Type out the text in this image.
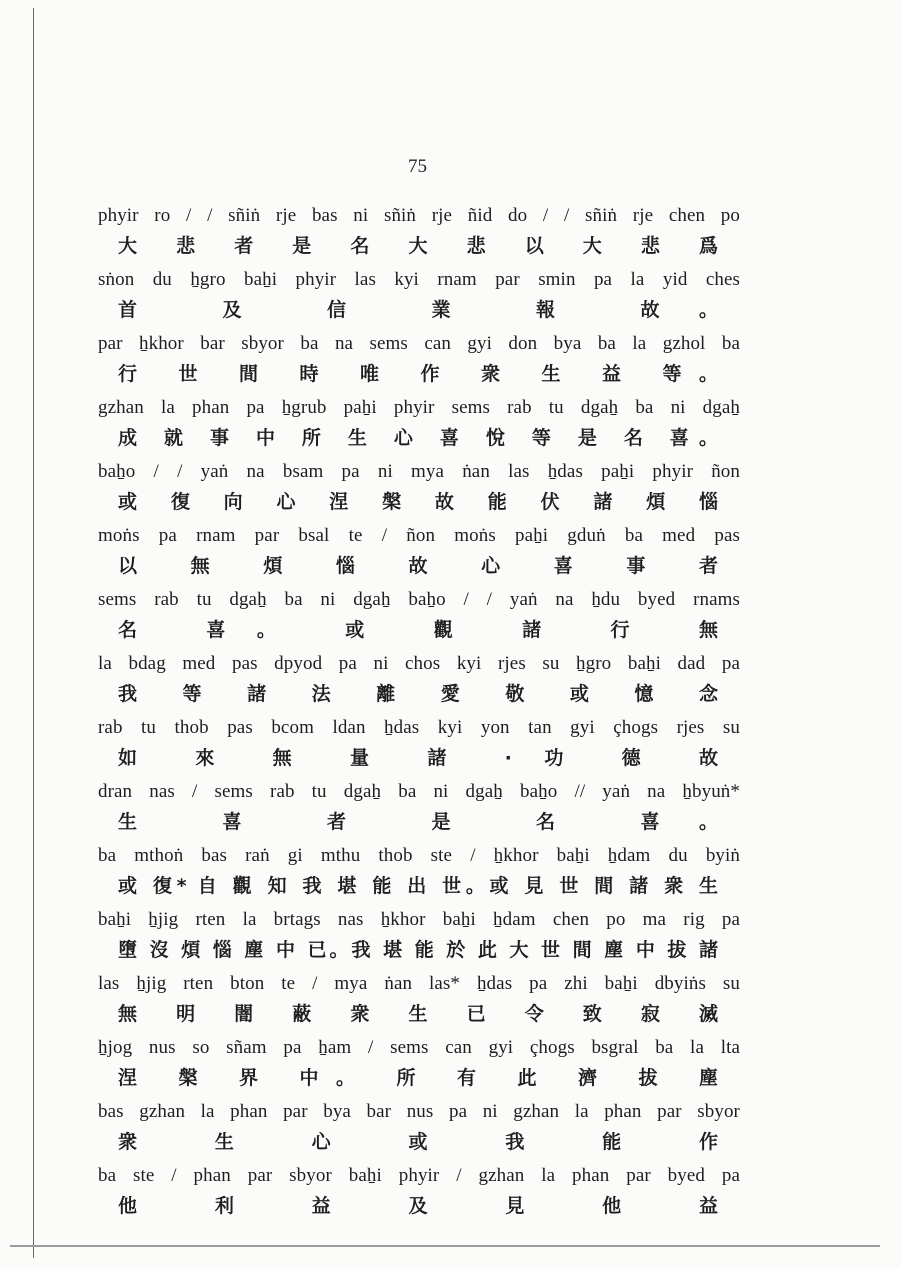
75
phyir ro / / sñiṅ rje bas ni sñiṅ rje ñid do / / sñiṅ rje chen po
大 悲 者 是 名 大 悲 以 大 悲 爲
sṅon du ẖgro baẖi phyir las kyi rnam par smin pa la yid ches
首 及 信 業 報 故。
par ẖkhor bar sbyor ba na sems can gyi don bya ba la gzhol ba
行 世 間 時 唯 作 衆 生 益 等。
gzhan la phan pa ẖgrub paẖi phyir sems rab tu dgaẖ ba ni dgaẖ
成 就 事 中 所 生 心 喜 悅 等 是 名 喜。
baẖo / / yaṅ na bsam pa ni mya ṅan las ẖdas paẖi phyir ñon
或 復 向 心 涅 槃 故 能 伏 諸 煩 惱
moṅs pa rnam par bsal te / ñon moṅs paẖi gduṅ ba med pas
以 無 煩 惱 故 心 喜 事 者
sems rab tu dgaẖ ba ni dgaẖ baẖo / / yaṅ na ẖdu byed rnams
名 喜。 或 觀 諸 行 無
la bdag med pas dpyod pa ni chos kyi rjes su ẖgro baẖi dad pa
我 等 諸 法 離 愛 敬 或 憶 念
rab tu thob pas bcom ldan ẖdas kyi yon tan gyi çhogs rjes su
如 來 無 量 諸 · 功 德 故
dran nas / sems rab tu dgaẖ ba ni dgaẖ baẖo // yaṅ na ẖbyuṅ*
生 喜 者 是 名 喜。
ba mthoṅ bas raṅ gi mthu thob ste / ẖkhor baẖi ẖdam du byiṅ
或 復* 自 觀 知 我 堪 能 出 世。或 見 世 間 諸 衆 生
baẖi ẖjig rten la brtags nas ẖkhor baẖi ẖdam chen po ma rig pa
墮 沒 煩 惱 塵 中 已。我 堪 能 於 此 大 世 間 塵 中 拔 諸
las ẖjig rten bton te / mya ṅan las* ẖdas pa zhi baẖi dbyiṅs su
無 明 闇 蔽 衆 生 已 令 致 寂 滅
ẖjog nus so sñam pa ẖam / sems can gyi çhogs bsgral ba la lta
涅 槃 界 中。 所 有 此 濟 拔 塵
bas gzhan la phan par bya bar nus pa ni gzhan la phan par sbyor
衆 生 心 或 我 能 作
ba ste / phan par sbyor baẖi phyir / gzhan la phan par byed pa
他 利 益 及 見 他 益
